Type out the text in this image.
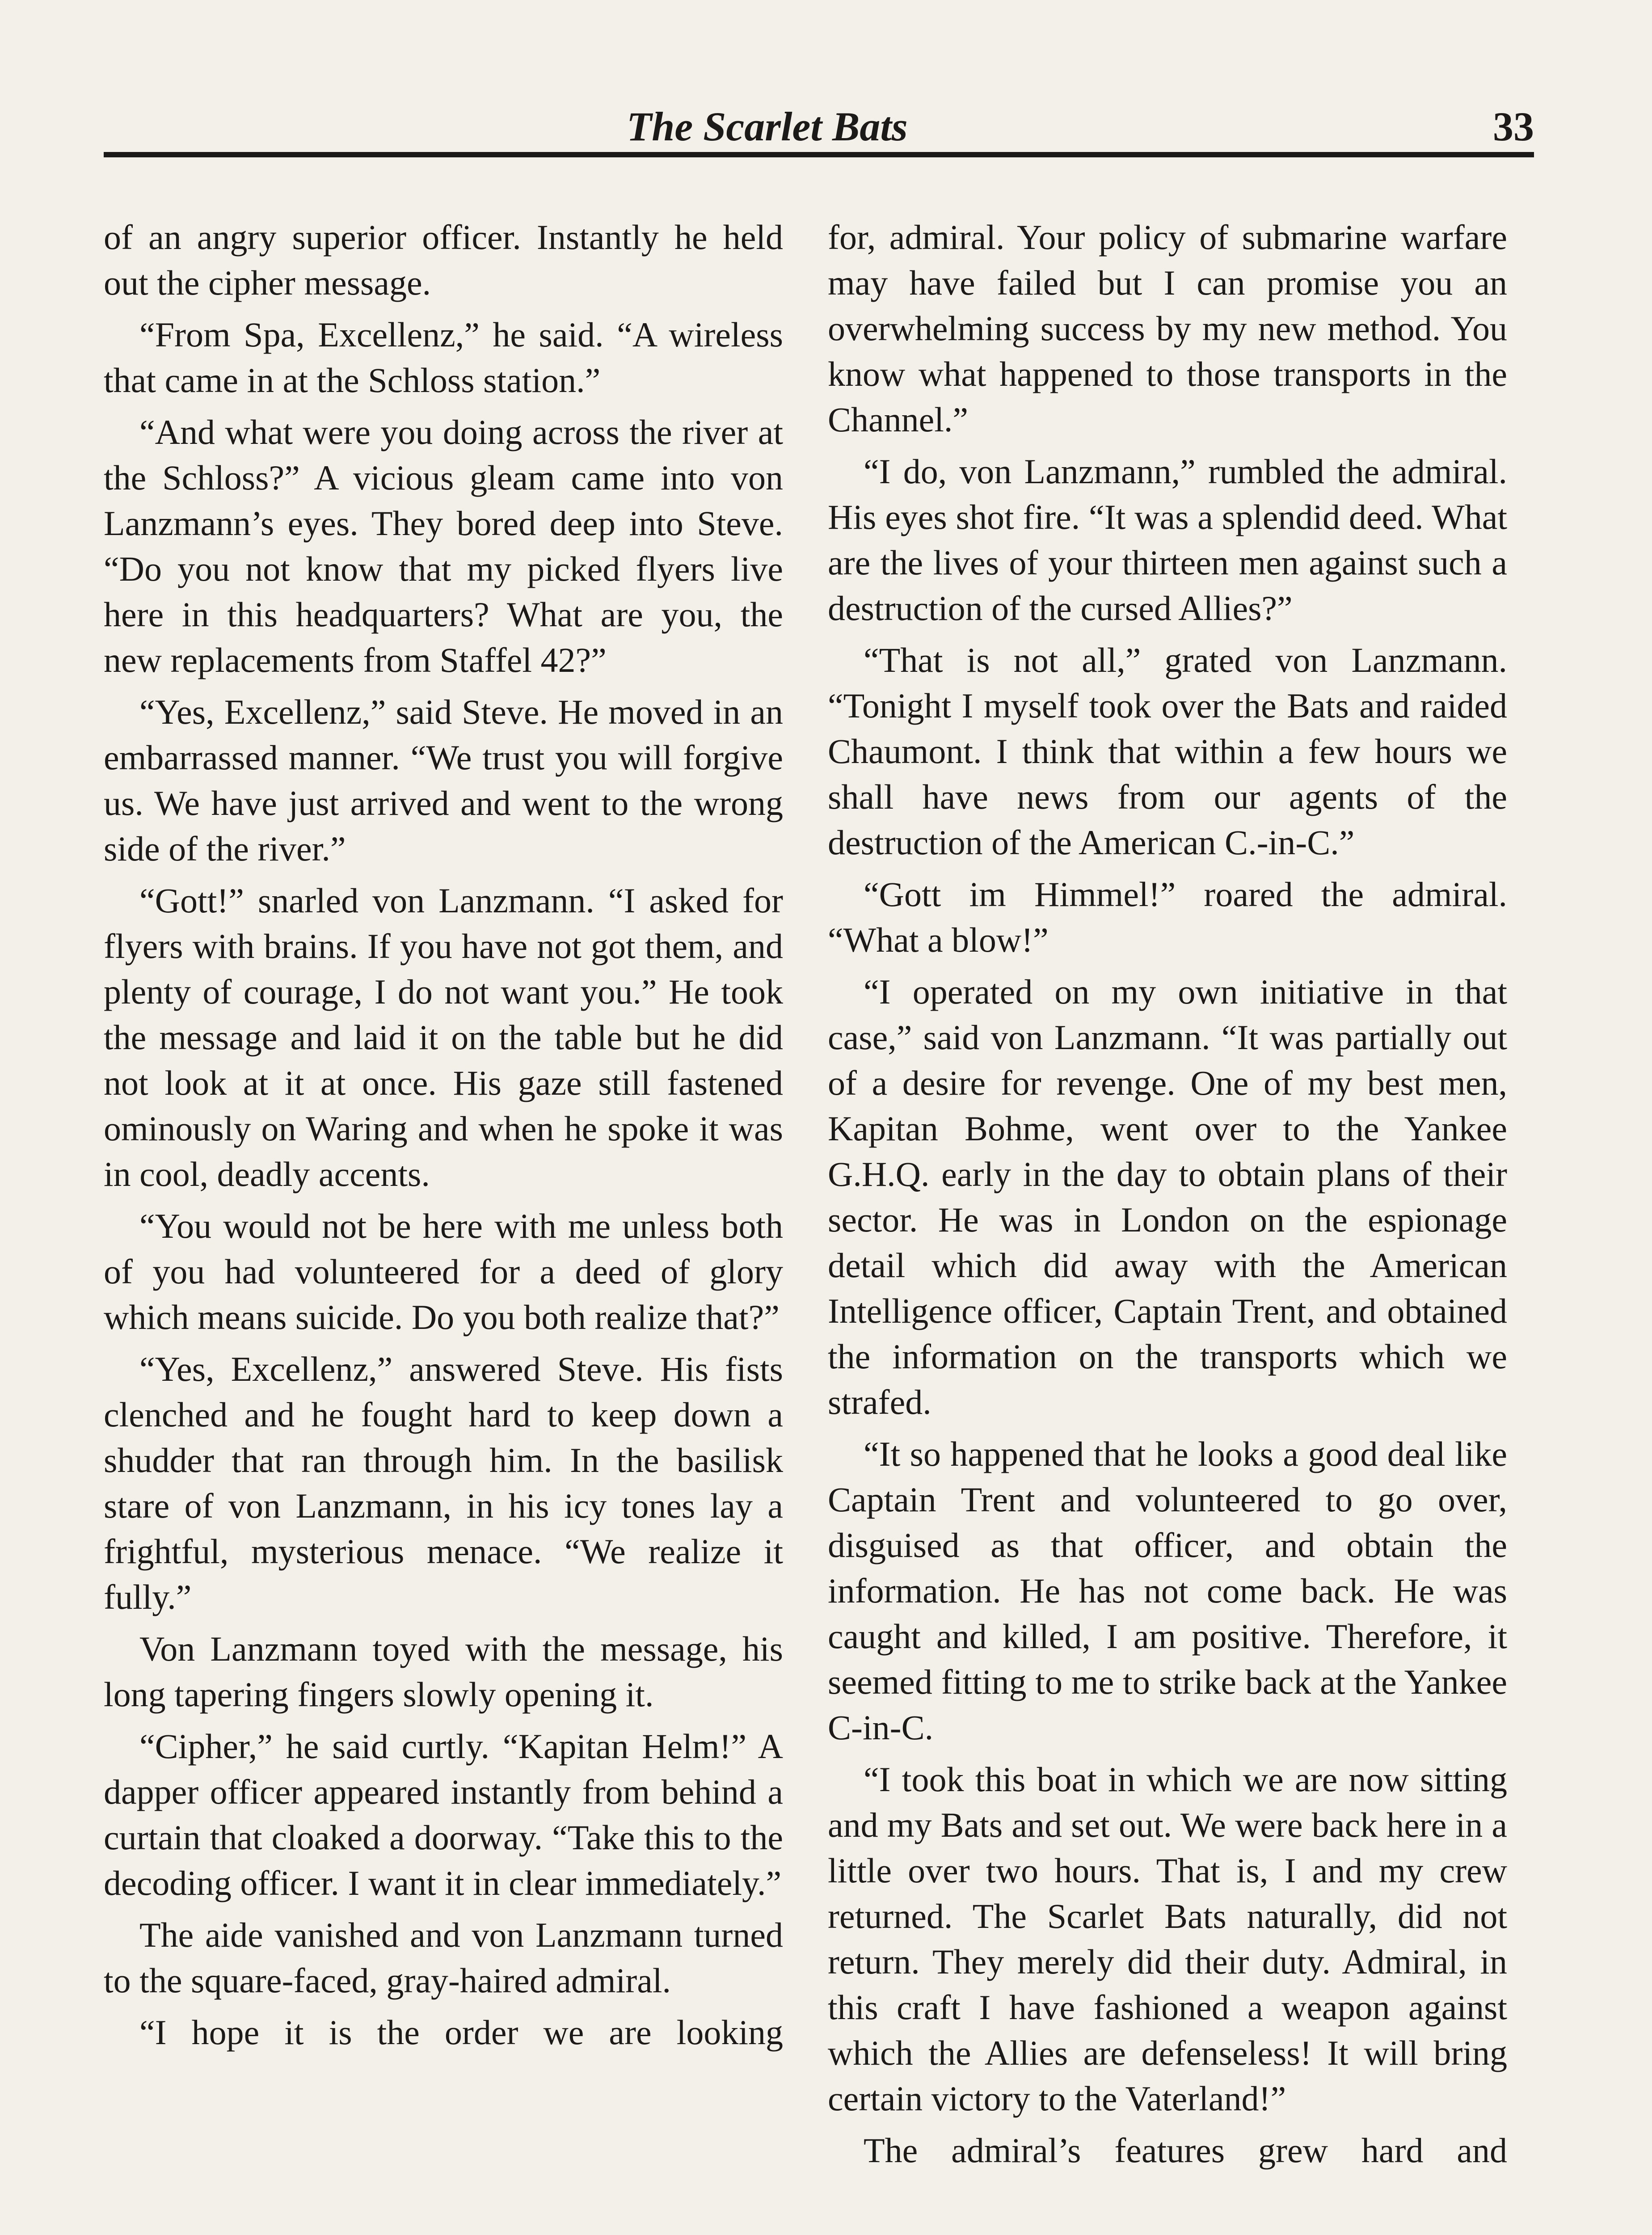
The Scarlet Bats	33

of an angry superior officer. Instantly he held out the cipher message.

“From Spa, Excellenz,” he said. “A wireless that came in at the Schloss station.”

“And what were you doing across the river at the Schloss?” A vicious gleam came into von Lanzmann’s eyes. They bored deep into Steve. “Do you not know that my picked flyers live here in this headquarters? What are you, the new replacements from Staffel 42?”

“Yes, Excellenz,” said Steve. He moved in an embarrassed manner. “We trust you will forgive us. We have just arrived and went to the wrong side of the river.”

“Gott!” snarled von Lanzmann. “I asked for flyers with brains. If you have not got them, and plenty of courage, I do not want you.” He took the message and laid it on the table but he did not look at it at once. His gaze still fastened ominously on Waring and when he spoke it was in cool, deadly accents.

“You would not be here with me unless both of you had volunteered for a deed of glory which means suicide. Do you both realize that?”

“Yes, Excellenz,” answered Steve. His fists clenched and he fought hard to keep down a shudder that ran through him. In the basilisk stare of von Lanzmann, in his icy tones lay a frightful, mysterious menace. “We realize it fully.”

Von Lanzmann toyed with the message, his long tapering fingers slowly opening it.

“Cipher,” he said curtly. “Kapitan Helm!” A dapper officer appeared instantly from behind a curtain that cloaked a doorway. “Take this to the decoding officer. I want it in clear immediately.”

The aide vanished and von Lanzmann turned to the square-faced, gray-haired admiral.

“I hope it is the order we are looking

for, admiral. Your policy of submarine warfare may have failed but I can promise you an overwhelming success by my new method. You know what happened to those transports in the Channel.”

“I do, von Lanzmann,” rumbled the admiral. His eyes shot fire. “It was a splendid deed. What are the lives of your thirteen men against such a destruction of the cursed Allies?”

“That is not all,” grated von Lanzmann. “Tonight I myself took over the Bats and raided Chaumont. I think that within a few hours we shall have news from our agents of the destruction of the American C.-in-C.”

“Gott im Himmel!” roared the admiral. “What a blow!”

“I operated on my own initiative in that case,” said von Lanzmann. “It was partially out of a desire for revenge. One of my best men, Kapitan Bohme, went over to the Yankee G.H.Q. early in the day to obtain plans of their sector. He was in London on the espionage detail which did away with the American Intelligence officer, Captain Trent, and obtained the information on the transports which we strafed.

“It so happened that he looks a good deal like Captain Trent and volunteered to go over, disguised as that officer, and obtain the information. He has not come back. He was caught and killed, I am positive. Therefore, it seemed fitting to me to strike back at the Yankee C-in-C.

“I took this boat in which we are now sitting and my Bats and set out. We were back here in a little over two hours. That is, I and my crew returned. The Scarlet Bats naturally, did not return. They merely did their duty. Admiral, in this craft I have fashioned a weapon against which the Allies are defenseless! It will bring certain victory to the Vaterland!”

The admiral’s features grew hard and
